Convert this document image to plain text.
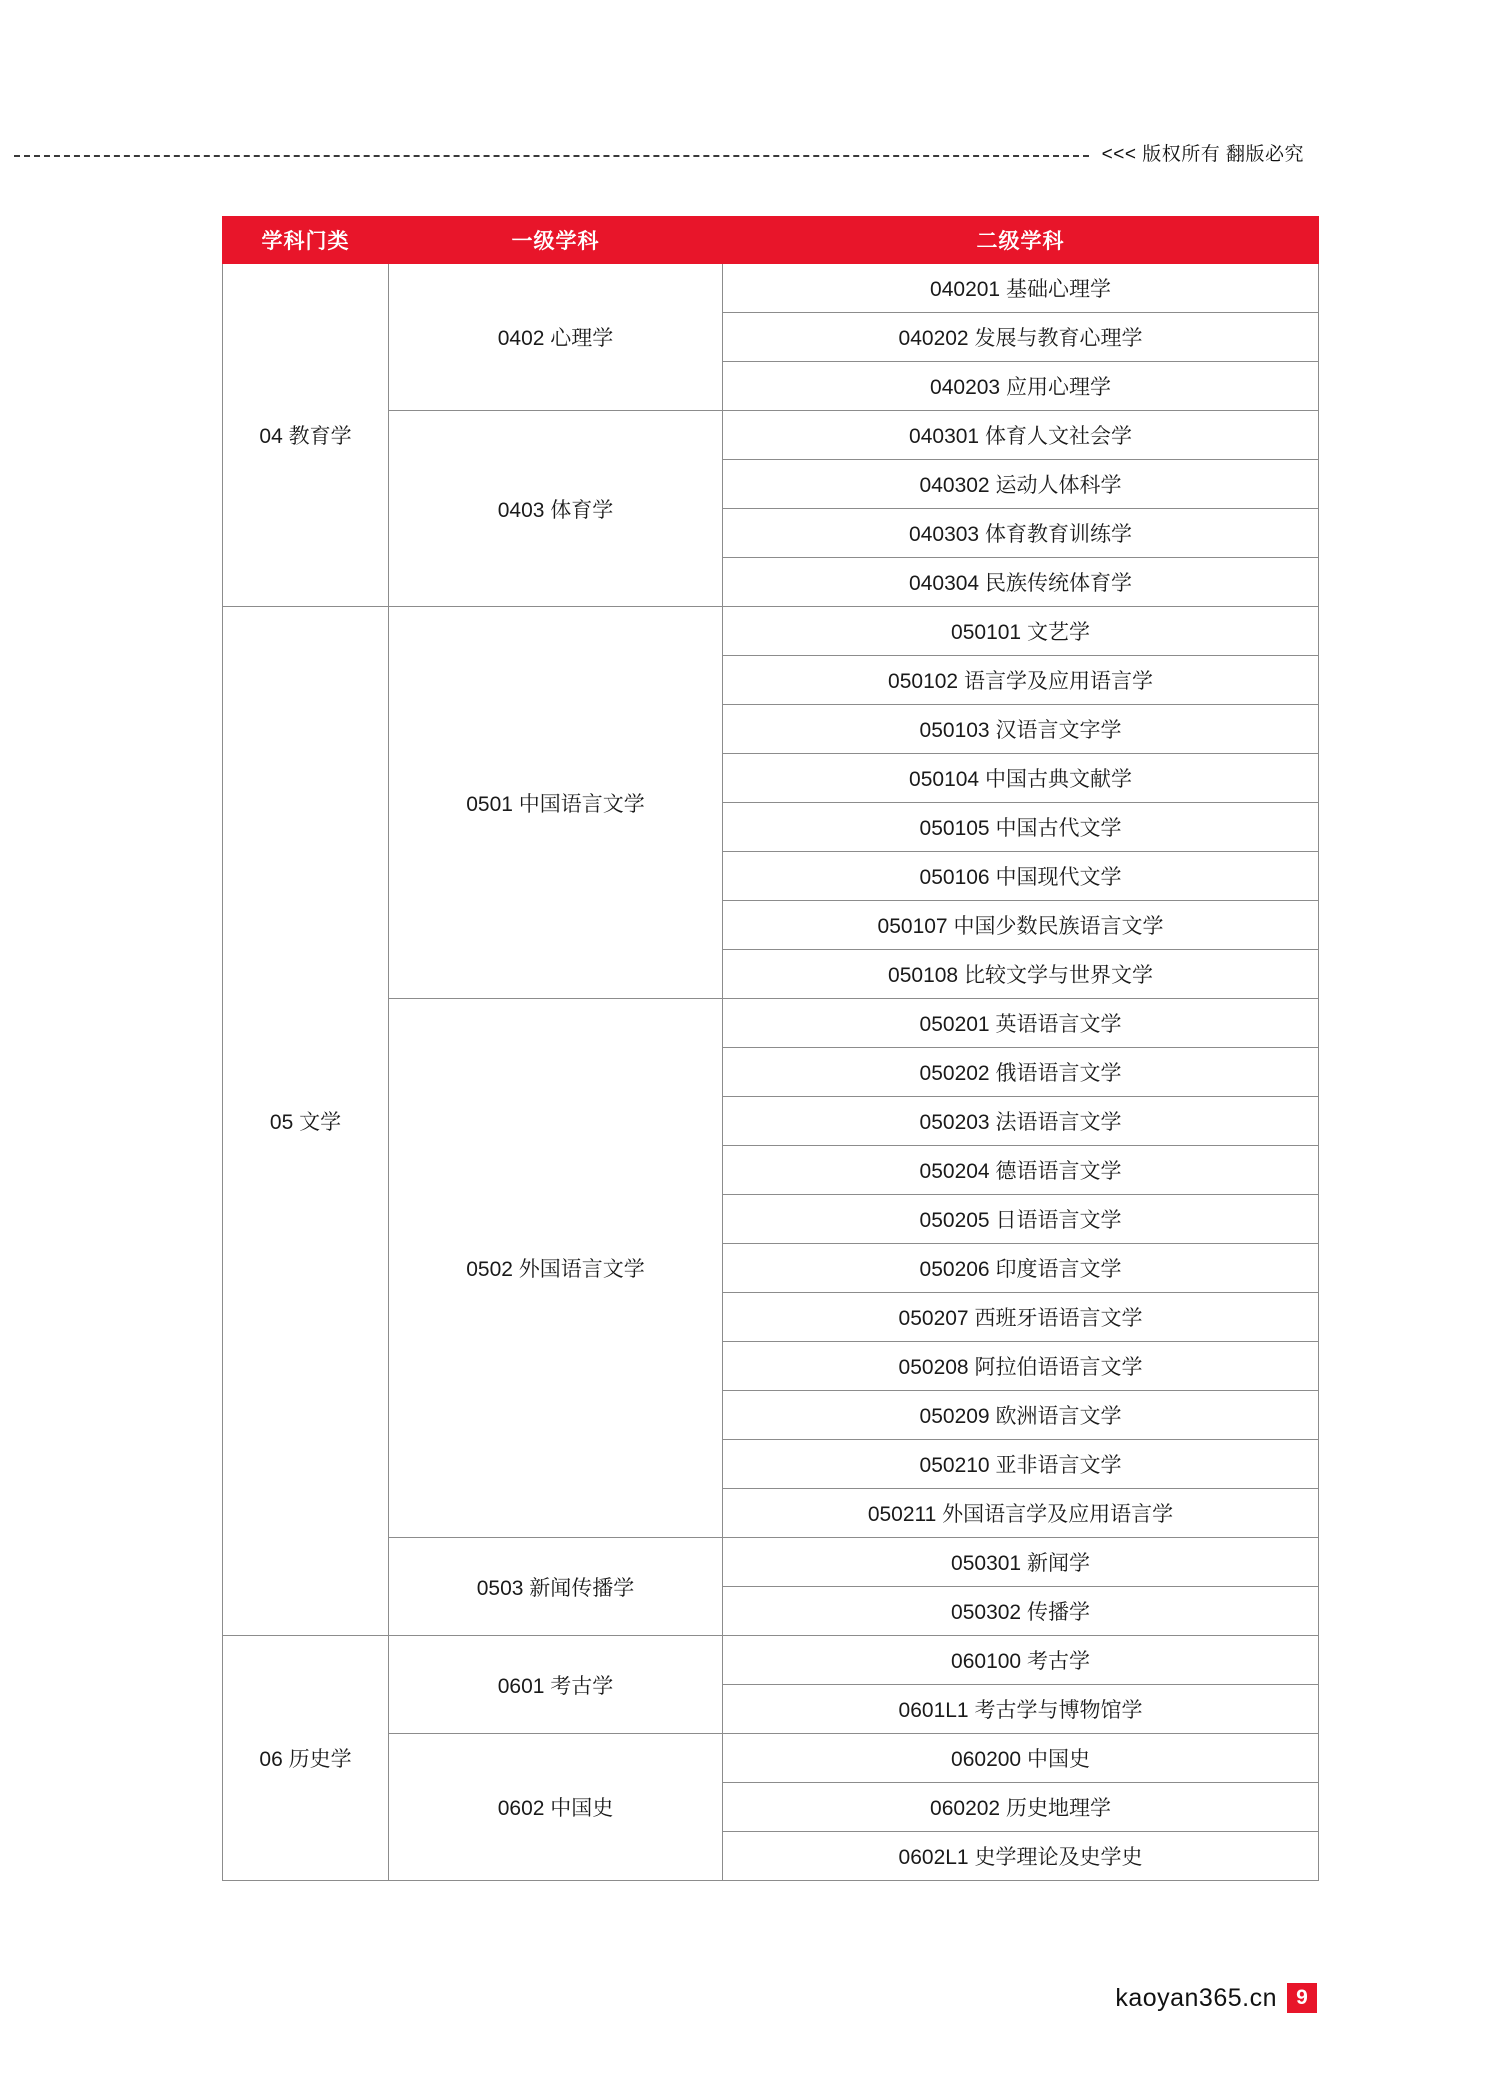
<<< 版权所有 翻版必究
学科门类	一级学科	二级学科
04 教育学	0402 心理学	040201 基础心理学
		040202 发展与教育心理学
		040203 应用心理学
	0403 体育学	040301 体育人文社会学
		040302 运动人体科学
		040303 体育教育训练学
		040304 民族传统体育学
05 文学	0501 中国语言文学	050101 文艺学
		050102 语言学及应用语言学
		050103 汉语言文字学
		050104 中国古典文献学
		050105 中国古代文学
		050106 中国现代文学
		050107 中国少数民族语言文学
		050108 比较文学与世界文学
	0502 外国语言文学	050201 英语语言文学
		050202 俄语语言文学
		050203 法语语言文学
		050204 德语语言文学
		050205 日语语言文学
		050206 印度语言文学
		050207 西班牙语语言文学
		050208 阿拉伯语语言文学
		050209 欧洲语言文学
		050210 亚非语言文学
		050211 外国语言学及应用语言学
	0503 新闻传播学	050301 新闻学
		050302 传播学
06 历史学	0601 考古学	060100 考古学
		0601L1 考古学与博物馆学
	0602 中国史	060200 中国史
		060202 历史地理学
		0602L1 史学理论及史学史
kaoyan365.cn 9
